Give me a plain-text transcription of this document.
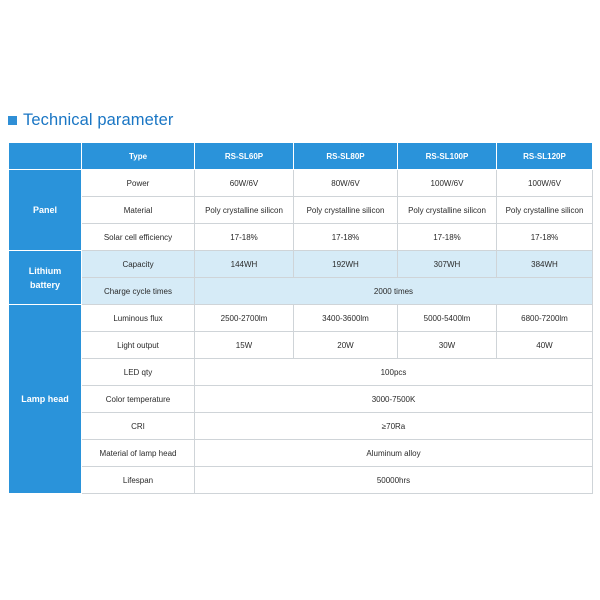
Technical parameter
	Type	RS-SL60P	RS-SL80P	RS-SL100P	RS-SL120P
Panel	Power	60W/6V	80W/6V	100W/6V	100W/6V
	Material	Poly crystalline silicon	Poly crystalline silicon	Poly crystalline silicon	Poly crystalline silicon
	Solar cell efficiency	17-18%	17-18%	17-18%	17-18%
Lithium
battery	Capacity	144WH	192WH	307WH	384WH
	Charge cycle times	2000 times			
Lamp head	Luminous flux	2500-2700lm	3400-3600lm	5000-5400lm	6800-7200lm
	Light output	15W	20W	30W	40W
	LED qty	100pcs			
	Color temperature	3000-7500K			
	CRI	≥70Ra			
	Material of lamp head	Aluminum alloy			
	Lifespan	50000hrs			
